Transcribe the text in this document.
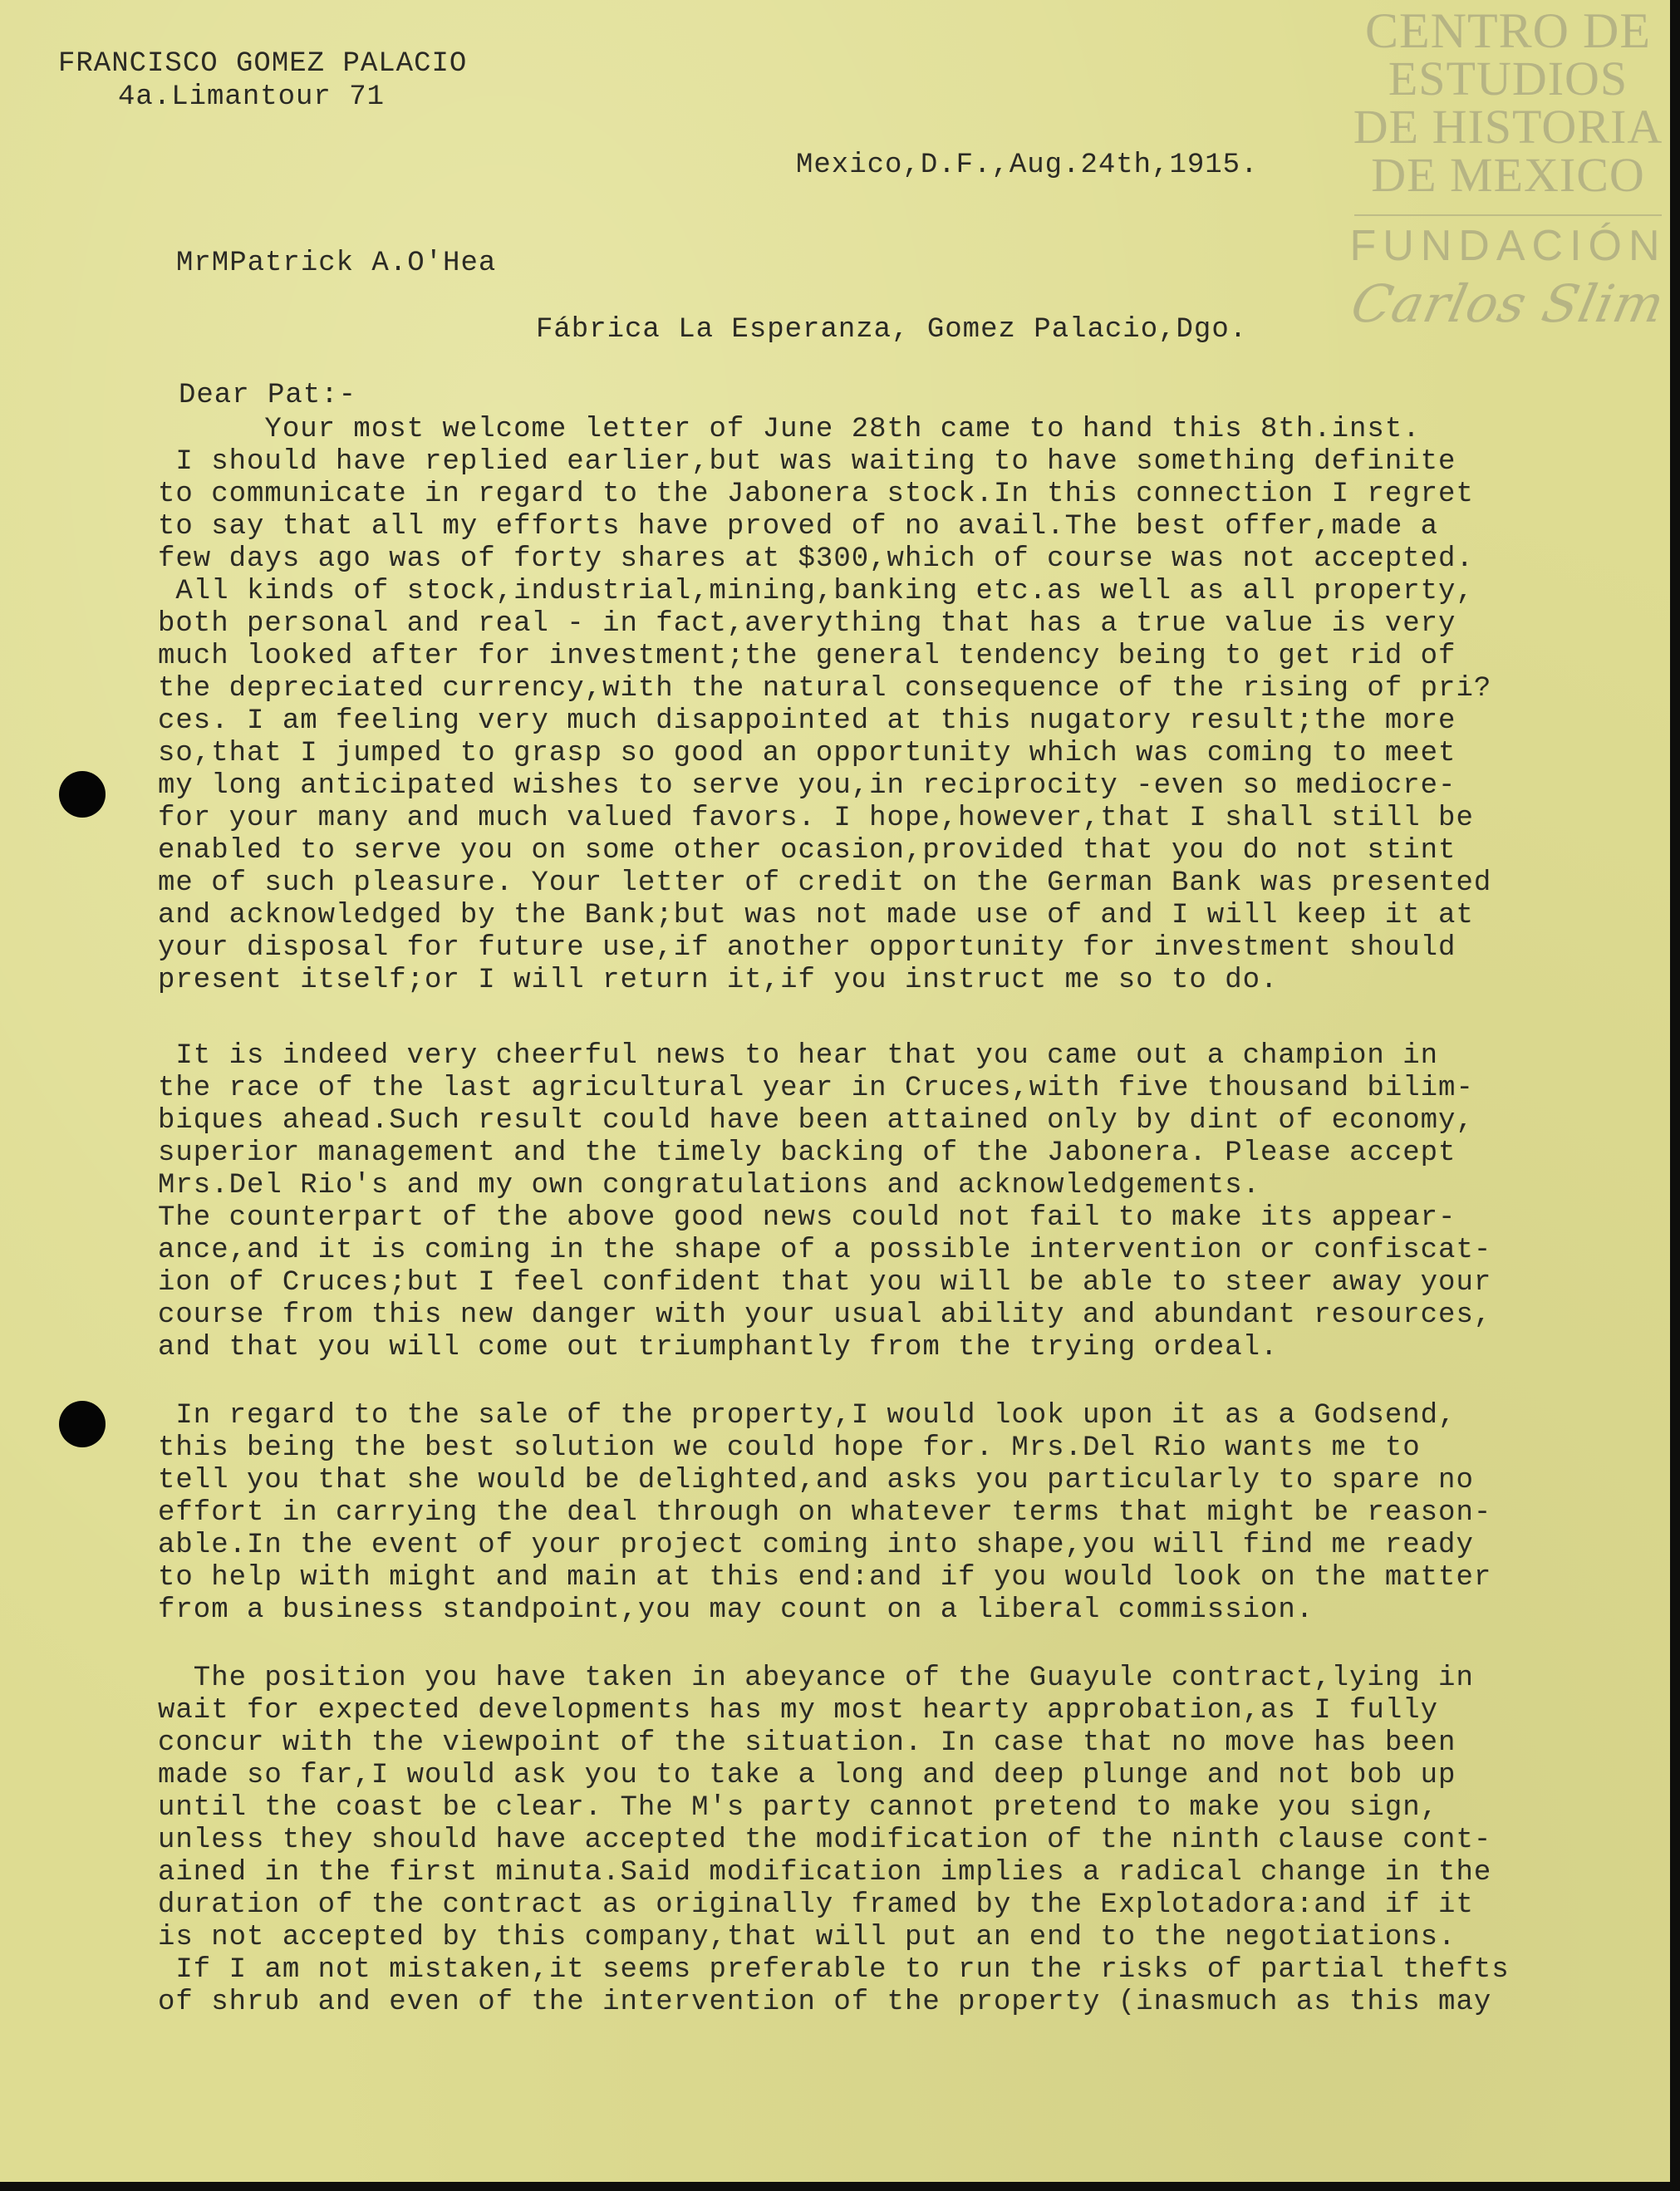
FRANCISCO GOMEZ PALACIO
4a.Limantour 71
Mexico,D.F.,Aug.24th,1915.
MrMPatrick A.O'Hea
Fábrica La Esperanza, Gomez Palacio,Dgo.
Dear Pat:-
Your most welcome letter of June 28th came to hand this 8th.inst.
I should have replied earlier,but was waiting to have something definite
to communicate in regard to the Jabonera stock.In this connection I regret
to say that all my efforts have proved of no avail.The best offer,made a
few days ago was of forty shares at $300,which of course was not accepted.
All kinds of stock,industrial,mining,banking etc.as well as all property,
both personal and real - in fact,averything that has a true value is very
much looked after for investment;the general tendency being to get rid of
the depreciated currency,with the natural consequence of the rising of pri?
ces. I am feeling very much disappointed at this nugatory result;the more
so,that I jumped to grasp so good an opportunity which was coming to meet
my long anticipated wishes to serve you,in reciprocity -even so mediocre-
for your many and much valued favors. I hope,however,that I shall still be
enabled to serve you on some other ocasion,provided that you do not stint
me of such pleasure. Your letter of credit on the German Bank was presented
and acknowledged by the Bank;but was not made use of and I will keep it at
your disposal for future use,if another opportunity for investment should
present itself;or I will return it,if you instruct me so to do.
It is indeed very cheerful news to hear that you came out a champion in
the race of the last agricultural year in Cruces,with five thousand bilim-
biques ahead.Such result could have been attained only by dint of economy,
superior management and the timely backing of the Jabonera. Please accept
Mrs.Del Rio's and my own congratulations and acknowledgements.
The counterpart of the above good news could not fail to make its appear-
ance,and it is coming in the shape of a possible intervention or confiscat-
ion of Cruces;but I feel confident that you will be able to steer away your
course from this new danger with your usual ability and abundant resources,
and that you will come out triumphantly from the trying ordeal.
In regard to the sale of the property,I would look upon it as a Godsend,
this being the best solution we could hope for. Mrs.Del Rio wants me to
tell you that she would be delighted,and asks you particularly to spare no
effort in carrying the deal through on whatever terms that might be reason-
able.In the event of your project coming into shape,you will find me ready
to help with might and main at this end:and if you would look on the matter
from a business standpoint,you may count on a liberal commission.
The position you have taken in abeyance of the Guayule contract,lying in
wait for expected developments has my most hearty approbation,as I fully
concur with the viewpoint of the situation. In case that no move has been
made so far,I would ask you to take a long and deep plunge and not bob up
until the coast be clear. The M's party cannot pretend to make you sign,
unless they should have accepted the modification of the ninth clause cont-
ained in the first minuta.Said modification implies a radical change in the
duration of the contract as originally framed by the Explotadora:and if it
is not accepted by this company,that will put an end to the negotiations.
If I am not mistaken,it seems preferable to run the risks of partial thefts
of shrub and even of the intervention of the property (inasmuch as this may
CENTRO DE
ESTUDIOS
DE HISTORIA
DE MEXICO
FUNDACIÓN
Carlos Slim
